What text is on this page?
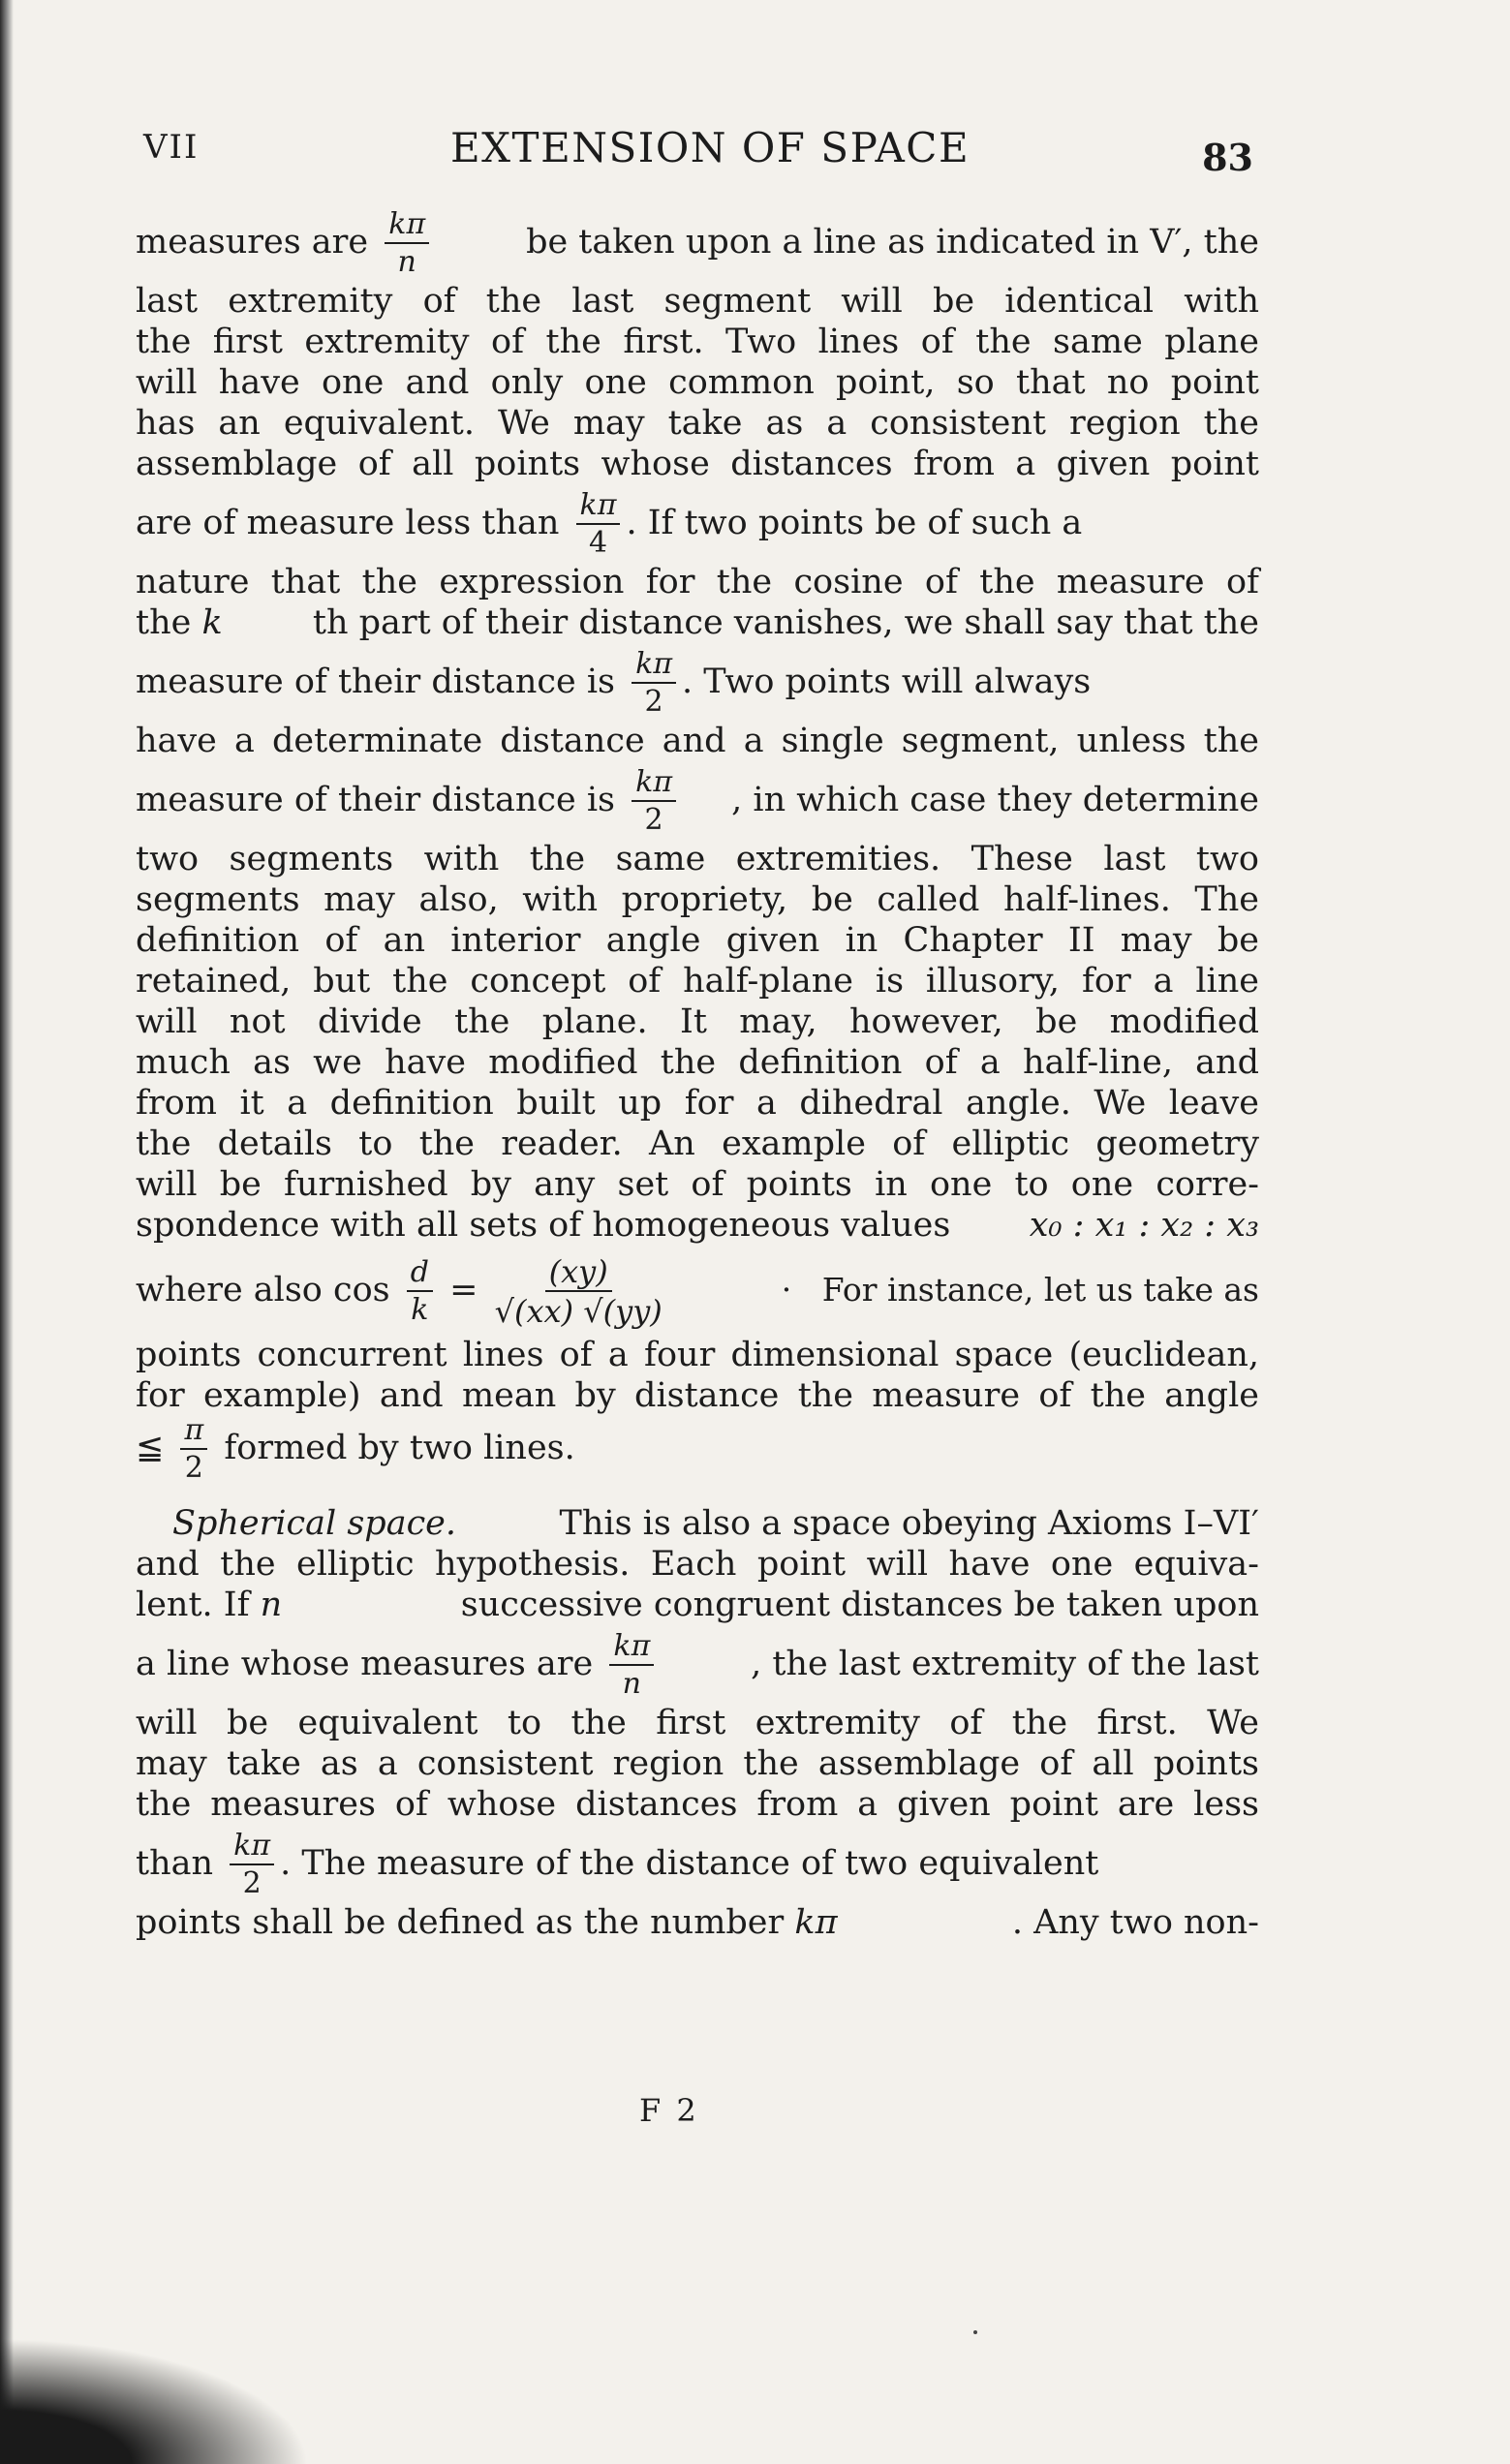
VII	EXTENSION OF SPACE	83
measures are $\frac{k\pi}{n}$	be taken upon a line as indicated in V′, the
last extremity of the last segment will be identical with
the first extremity of the first. Two lines of the same plane
will have one and only one common point, so that no point
has an equivalent. We may take as a consistent region the
assemblage of all points whose distances from a given point
are of measure less than $\frac{k\pi}{4}$ . If two points be of such a
nature that the expression for the cosine of the measure of
the k	th part of their distance vanishes, we shall say that the
measure of their distance is $\frac{k\pi}{2}$ . Two points will always
have a determinate distance and a single segment, unless the
measure of their distance is $\frac{k\pi}{2}$ , in which case they determine
two segments with the same extremities. These last two
segments may also, with propriety, be called half-lines. The
definition of an interior angle given in Chapter II may be
retained, but the concept of half-plane is illusory, for a line
will not divide the plane. It may, however, be modified
much as we have modified the definition of a half-line, and
from it a definition built up for a dihedral angle. We leave
the details to the reader. An example of elliptic geometry
will be furnished by any set of points in one to one corre-
spondence with all sets of homogeneous values x₀ : x₁ : x₂ : x₃
where also $\cos \frac{d}{k} = \frac{(xy)}{√(xx) √(yy)}$	·   For instance, let us take as
points concurrent lines of a four dimensional space (euclidean,
for example) and mean by distance the measure of the angle
≦ $\frac{\pi}{2}$ formed by two lines.
Spherical space.	This is also a space obeying Axioms I–VI′
and the elliptic hypothesis. Each point will have one equiva-
lent. If n	successive congruent distances be taken upon
a line whose measures are $\frac{k\pi}{n}$	, the last extremity of the last
will be equivalent to the first extremity of the first. We
may take as a consistent region the assemblage of all points
the measures of whose distances from a given point are less
than $\frac{k\pi}{2}$ . The measure of the distance of two equivalent
points shall be defined as the number kπ	. Any two non-
F 2
